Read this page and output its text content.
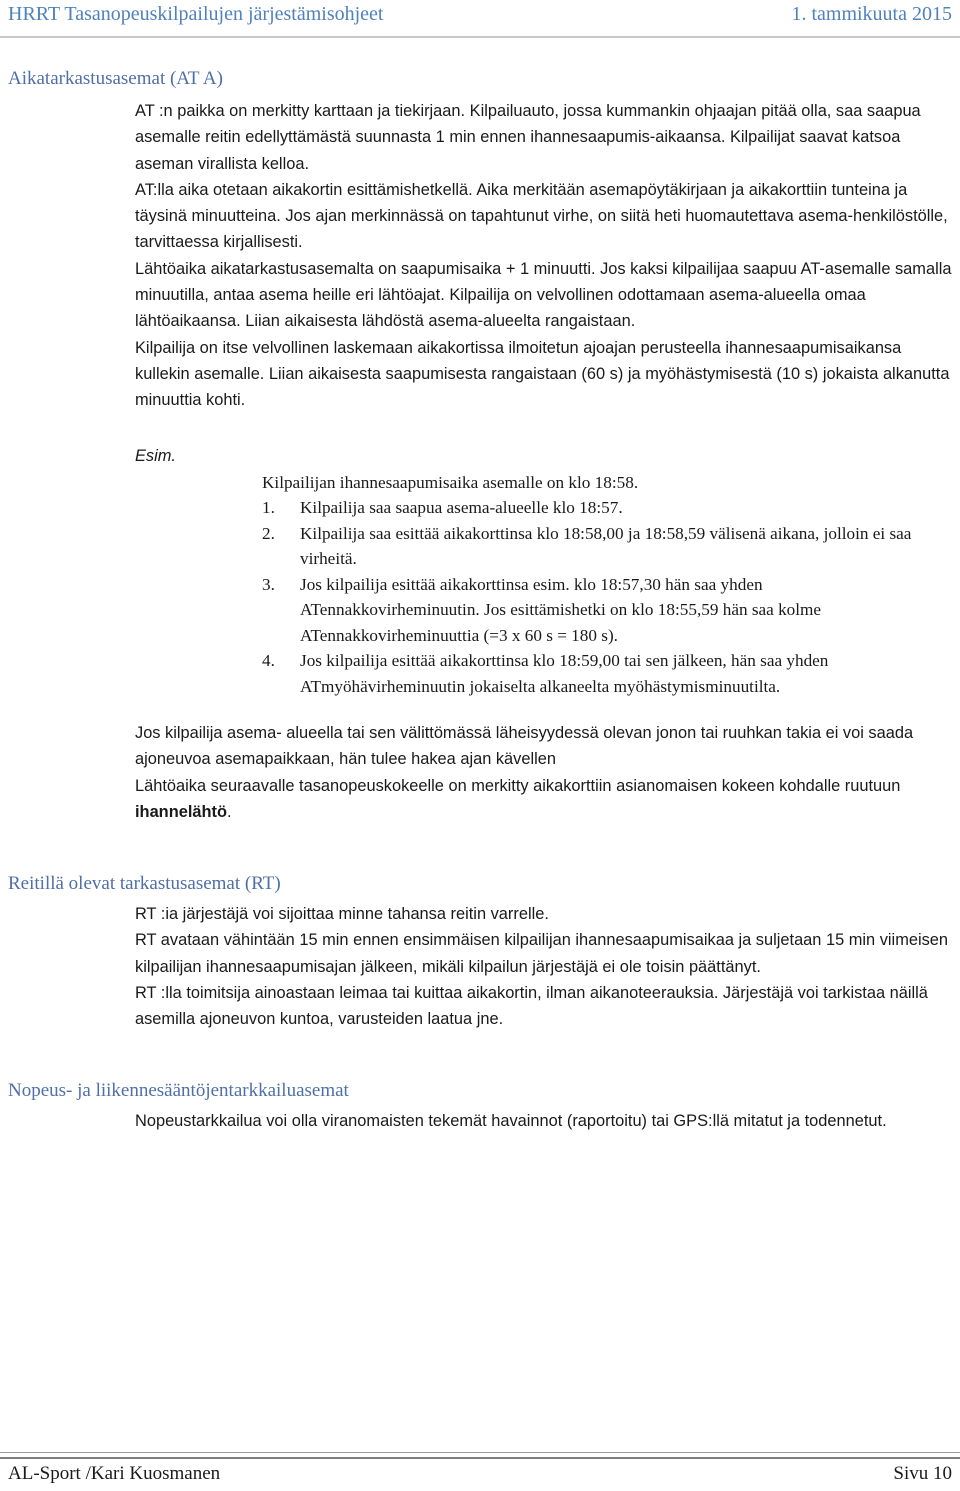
HRRT Tasanopeuskilpailujen järjestämisohjeet	1. tammikuuta 2015
Aikatarkastusasemat (AT A)

AT :n paikka on merkitty karttaan ja tiekirjaan. Kilpailuauto, jossa kummankin ohjaajan pitää olla, saa saapua asemalle reitin edellyttämästä suunnasta 1 min ennen ihannesaapumis-aikaansa. Kilpailijat saavat katsoa aseman virallista kelloa.

AT:lla aika otetaan aikakortin esittämishetkellä. Aika merkitään asemapöytäkirjaan ja aikakorttiin tunteina ja täysinä minuutteina. Jos ajan merkinnässä on tapahtunut virhe, on siitä heti huomautettava asema-henkilöstölle, tarvittaessa kirjallisesti.

Lähtöaika aikatarkastusasemalta on saapumisaika + 1 minuutti. Jos kaksi kilpailijaa saapuu AT-asemalle samalla minuutilla, antaa asema heille eri lähtöajat. Kilpailija on velvollinen odottamaan asema-alueella omaa lähtöaikaansa. Liian aikaisesta lähdöstä asema-alueelta rangaistaan.

Kilpailija on itse velvollinen laskemaan aikakortissa ilmoitetun ajoajan perusteella ihannesaapumisaikansa kullekin asemalle. Liian aikaisesta saapumisesta rangaistaan (60 s) ja myöhästymisestä (10 s) jokaista alkanutta minuuttia kohti.

Esim.
Kilpailijan ihannesaapumisaika asemalle on klo 18:58.
1.	Kilpailija saa saapua asema-alueelle klo 18:57.
2.	Kilpailija saa esittää aikakorttinsa klo 18:58,00 ja 18:58,59 välisenä aikana, jolloin ei saa virheitä.
3.	Jos kilpailija esittää aikakorttinsa esim. klo 18:57,30 hän saa yhden ATennakkovirheminuutin. Jos esittämishetki on klo 18:55,59 hän saa kolme ATennakkovirheminuuttia (=3 x 60 s = 180 s).
4.	Jos kilpailija esittää aikakorttinsa klo 18:59,00 tai sen jälkeen, hän saa yhden ATmyöhävirheminuutin jokaiselta alkaneelta myöhästymisminuutilta.

Jos kilpailija asema- alueella tai sen välittömässä läheisyydessä olevan jonon tai ruuhkan takia ei voi saada ajoneuvoa asemapaikkaan, hän tulee hakea ajan kävellen

Lähtöaika seuraavalle tasanopeuskokeelle on merkitty aikakorttiin asianomaisen kokeen kohdalle ruutuun ihannelähtö.

Reitillä olevat tarkastusasemat (RT)

RT :ia järjestäjä voi sijoittaa minne tahansa reitin varrelle.

RT avataan vähintään 15 min ennen ensimmäisen kilpailijan ihannesaapumisaikaa ja suljetaan 15 min viimeisen kilpailijan ihannesaapumisajan jälkeen, mikäli kilpailun järjestäjä ei ole toisin päättänyt.

RT :lla toimitsija ainoastaan leimaa tai kuittaa aikakortin, ilman aikanoteerauksia. Järjestäjä voi tarkistaa näillä asemilla ajoneuvon kuntoa, varusteiden laatua jne.

Nopeus- ja liikennesääntöjentarkkailuasemat

Nopeustarkkailua voi olla viranomaisten tekemät havainnot (raportoitu) tai GPS:llä mitatut ja todennetut.

AL-Sport /Kari Kuosmanen	Sivu 10
